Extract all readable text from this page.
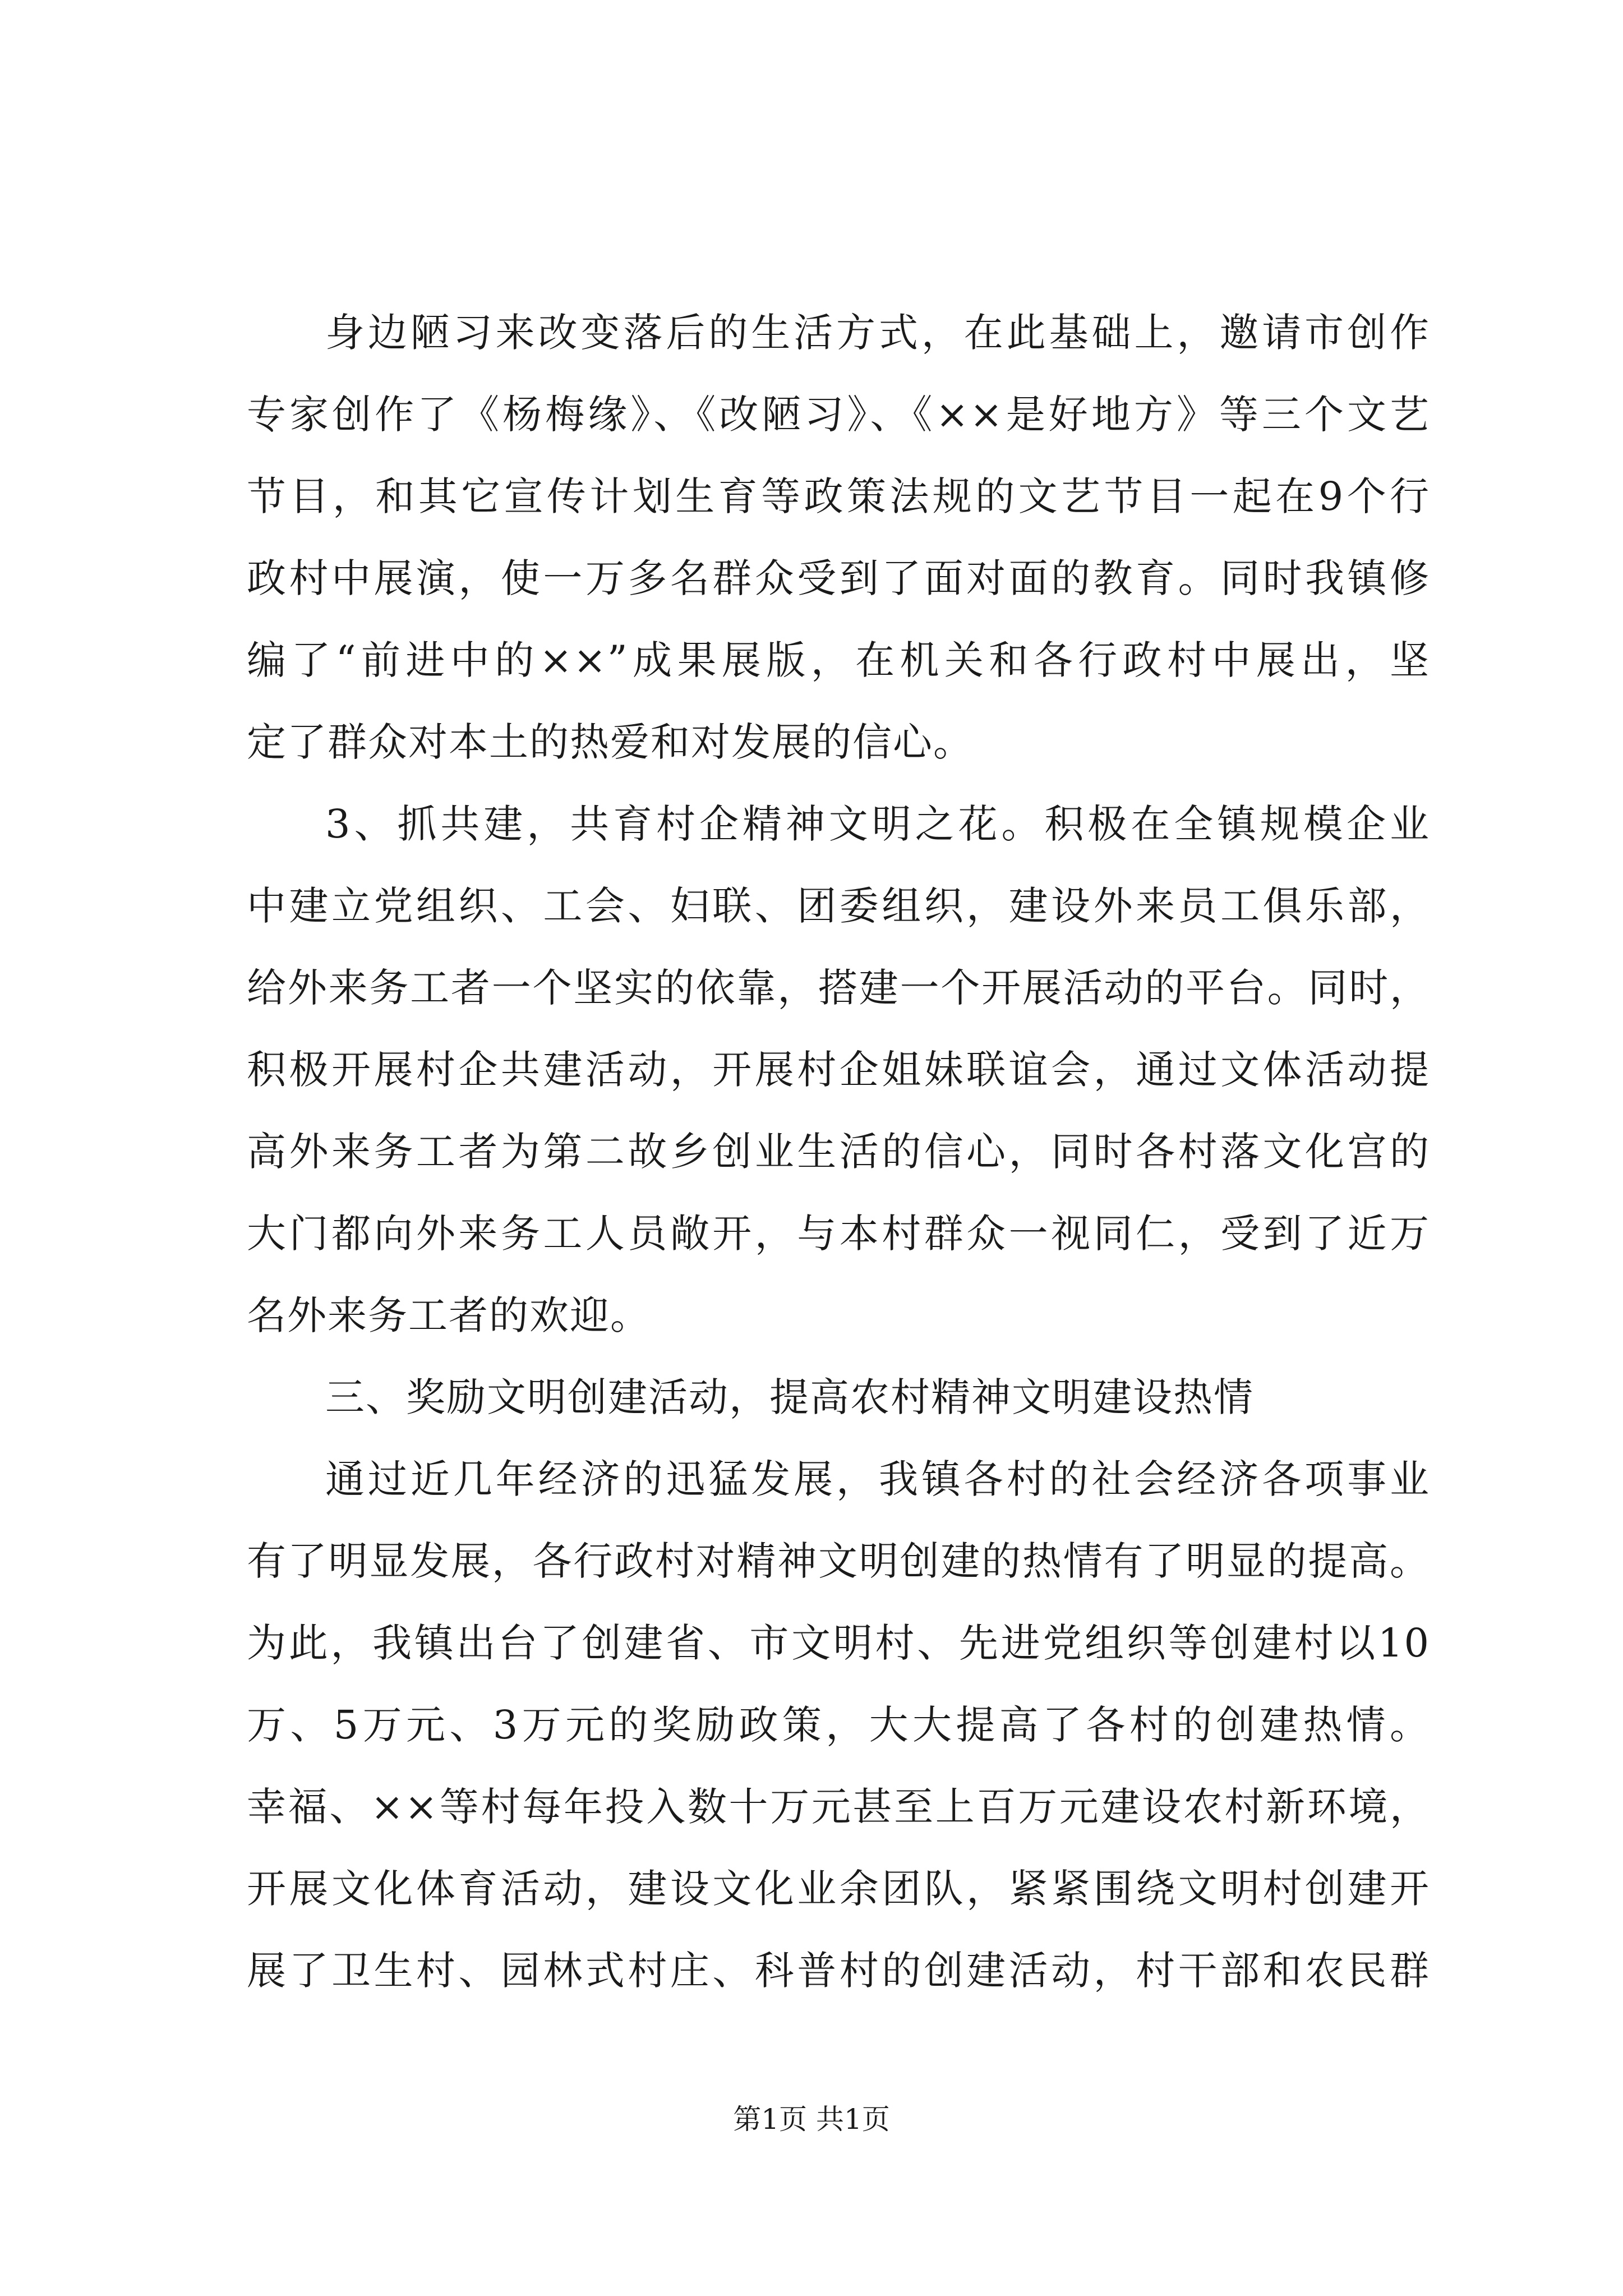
身边陋习来改变落后的生活方式，在此基础上，邀请市创作
专家创作了《杨梅缘》、《改陋习》、《××是好地方》等三个文艺
节目，和其它宣传计划生育等政策法规的文艺节目一起在9个行
政村中展演，使一万多名群众受到了面对面的教育。同时我镇修
编了“前进中的××”成果展版，在机关和各行政村中展出，坚
定了群众对本土的热爱和对发展的信心。
3、抓共建，共育村企精神文明之花。积极在全镇规模企业
中建立党组织、工会、妇联、团委组织，建设外来员工俱乐部，
给外来务工者一个坚实的依靠，搭建一个开展活动的平台。同时，
积极开展村企共建活动，开展村企姐妹联谊会，通过文体活动提
高外来务工者为第二故乡创业生活的信心，同时各村落文化宫的
大门都向外来务工人员敞开，与本村群众一视同仁，受到了近万
名外来务工者的欢迎。
三、奖励文明创建活动，提高农村精神文明建设热情
通过近几年经济的迅猛发展，我镇各村的社会经济各项事业
有了明显发展，各行政村对精神文明创建的热情有了明显的提高。
为此，我镇出台了创建省、市文明村、先进党组织等创建村以10
万、5万元、3万元的奖励政策，大大提高了各村的创建热情。
幸福、××等村每年投入数十万元甚至上百万元建设农村新环境，
开展文化体育活动，建设文化业余团队，紧紧围绕文明村创建开
展了卫生村、园林式村庄、科普村的创建活动，村干部和农民群
第1页 共1页
